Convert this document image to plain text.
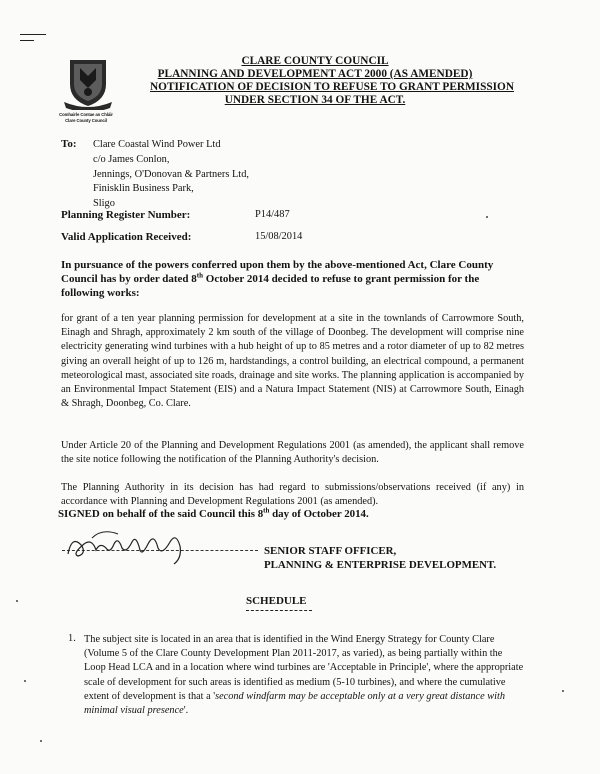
Comhairle Contae an Chláir
Clare County Council
CLARE COUNTY COUNCIL
PLANNING AND DEVELOPMENT ACT 2000 (AS AMENDED)
NOTIFICATION OF DECISION TO REFUSE TO GRANT PERMISSION
UNDER SECTION 34 OF THE ACT.
To: Clare Coastal Wind Power Ltd
c/o James Conlon,
Jennings, O'Donovan & Partners Ltd,
Finisklin Business Park,
Sligo
Planning Register Number:	P14/487
Valid Application Received:	15/08/2014
In pursuance of the powers conferred upon them by the above-mentioned Act, Clare County Council has by order dated 8th October 2014 decided to refuse to grant permission for the following works:
for grant of a ten year planning permission for development at a site in the townlands of Carrowmore South, Einagh and Shragh, approximately 2 km south of the village of Doonbeg. The development will comprise nine electricity generating wind turbines with a hub height of up to 85 metres and a rotor diameter of up to 82 metres giving an overall height of up to 126 m, hardstandings, a control building, an electrical compound, a permanent meteorological mast, associated site roads, drainage and site works. The planning application is accompanied by an Environmental Impact Statement (EIS) and a Natura Impact Statement (NIS) at Carrowmore South, Einagh & Shragh, Doonbeg, Co. Clare.
Under Article 20 of the Planning and Development Regulations 2001 (as amended), the applicant shall remove the site notice following the notification of the Planning Authority's decision.
The Planning Authority in its decision has had regard to submissions/observations received (if any) in accordance with Planning and Development Regulations 2001 (as amended).
SIGNED on behalf of the said Council this 8th day of October 2014.
SENIOR STAFF OFFICER,
PLANNING & ENTERPRISE DEVELOPMENT.
SCHEDULE
1. The subject site is located in an area that is identified in the Wind Energy Strategy for County Clare (Volume 5 of the Clare County Development Plan 2011-2017, as varied), as being partially within the Loop Head LCA and in a location where wind turbines are 'Acceptable in Principle', where the appropriate scale of development for such areas is identified as medium (5-10 turbines), and where the cumulative extent of development is that a 'second windfarm may be acceptable only at a very great distance with minimal visual presence'.
